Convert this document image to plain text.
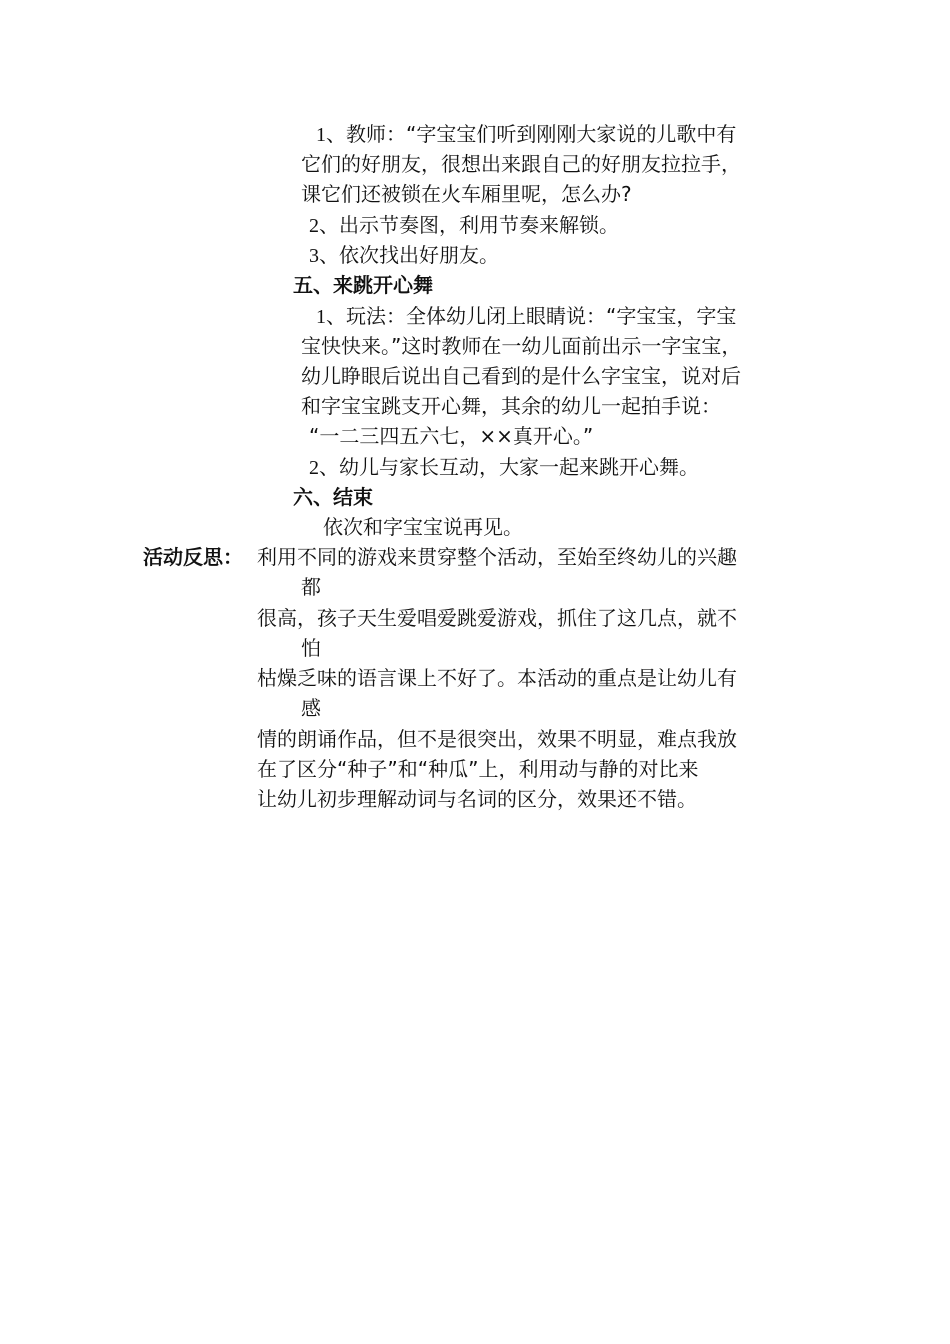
1、教师：“字宝宝们听到刚刚大家说的儿歌中有
它们的好朋友，很想出来跟自己的好朋友拉拉手，
课它们还被锁在火车厢里呢，怎么办?
2、出示节奏图，利用节奏来解锁。
3、依次找出好朋友。
五、来跳开心舞
1、玩法：全体幼儿闭上眼睛说：“字宝宝，字宝
宝快快来。”这时教师在一幼儿面前出示一字宝宝，
幼儿睁眼后说出自己看到的是什么字宝宝，说对后
和字宝宝跳支开心舞，其余的幼儿一起拍手说：
“一二三四五六七，××真开心。”
2、幼儿与家长互动，大家一起来跳开心舞。
六、结束
依次和字宝宝说再见。
活动反思： 利用不同的游戏来贯穿整个活动，至始至终幼儿的兴趣
都
很高，孩子天生爱唱爱跳爱游戏，抓住了这几点，就不
怕
枯燥乏味的语言课上不好了。本活动的重点是让幼儿有
感
情的朗诵作品，但不是很突出，效果不明显，难点我放
在了区分“种子”和“种瓜”上，利用动与静的对比来
让幼儿初步理解动词与名词的区分，效果还不错。
